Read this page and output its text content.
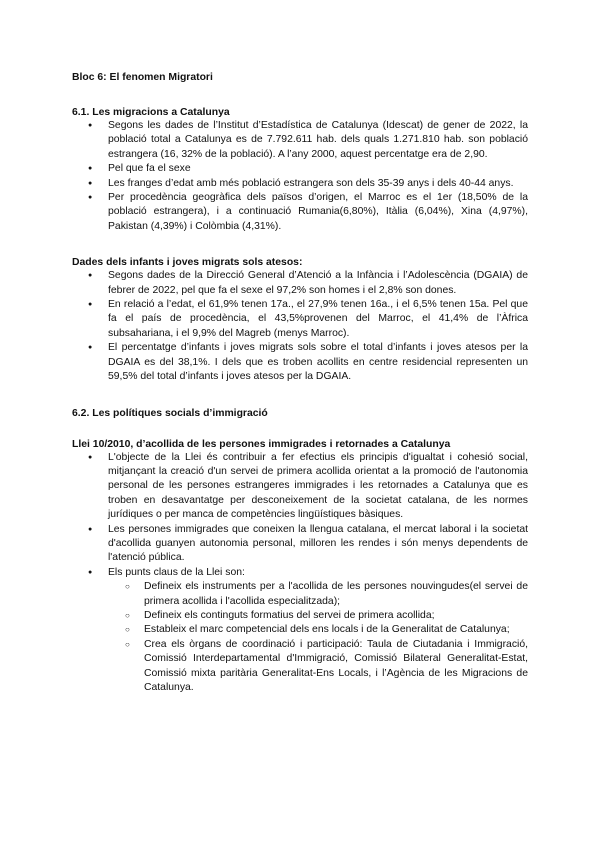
Bloc 6: El fenomen Migratori

6.1. Les migracions a Catalunya

● Segons les dades de l’Institut d’Estadística de Catalunya (Idescat) de gener de 2022, la població total a Catalunya es de 7.792.611 hab. dels quals 1.271.810 hab. son població estrangera (16, 32% de la població). A l’any 2000, aquest percentatge era de 2,90.
● Pel que fa el sexe
● Les franges d’edat amb més població estrangera son dels 35-39 anys i dels 40-44 anys.
● Per procedència geogràfica dels països d’origen, el Marroc es el 1er (18,50% de la població estrangera), i a continuació Rumania(6,80%), Itàlia (6,04%), Xina (4,97%), Pakistan (4,39%) i Colòmbia (4,31%).

Dades dels infants i joves migrats sols atesos:

● Segons dades de la Direcció General d’Atenció a la Infància i l’Adolescència (DGAIA) de febrer de 2022, pel que fa el sexe el 97,2% son homes i el 2,8% son dones.
● En relació a l’edat, el 61,9% tenen 17a., el 27,9% tenen 16a., i el 6,5% tenen 15a. Pel que fa el país de procedència, el 43,5%provenen del Marroc, el 41,4% de l’Àfrica subsahariana, i el 9,9% del Magreb (menys Marroc).
● El percentatge d’infants i joves migrats sols sobre el total d’infants i joves atesos per la DGAIA es del 38,1%. I dels que es troben acollits en centre residencial representen un 59,5% del total d’infants i joves atesos per la DGAIA.

6.2. Les polítiques socials d’immigració

Llei 10/2010, d’acollida de les persones immigrades i retornades a Catalunya

● L'objecte de la Llei és contribuir a fer efectius els principis d'igualtat i cohesió social, mitjançant la creació d'un servei de primera acollida orientat a la promoció de l'autonomia personal de les persones estrangeres immigrades i les retornades a Catalunya que es troben en desavantatge per desconeixement de la societat catalana, de les normes jurídiques o per manca de competències lingüístiques bàsiques.
● Les persones immigrades que coneixen la llengua catalana, el mercat laboral i la societat d'acollida guanyen autonomia personal, milloren les rendes i són menys dependents de l'atenció pública.
● Els punts claus de la Llei son:
○ Defineix els instruments per a l'acollida de les persones nouvingudes(el servei de primera acollida i l'acollida especialitzada);
○ Defineix els continguts formatius del servei de primera acollida;
○ Estableix el marc competencial dels ens locals i de la Generalitat de Catalunya;
○ Crea els òrgans de coordinació i participació: Taula de Ciutadania i Immigració, Comissió Interdepartamental d'Immigració, Comissió Bilateral Generalitat-Estat, Comissió mixta paritària Generalitat-Ens Locals, i l’Agència de les Migracions de Catalunya.
